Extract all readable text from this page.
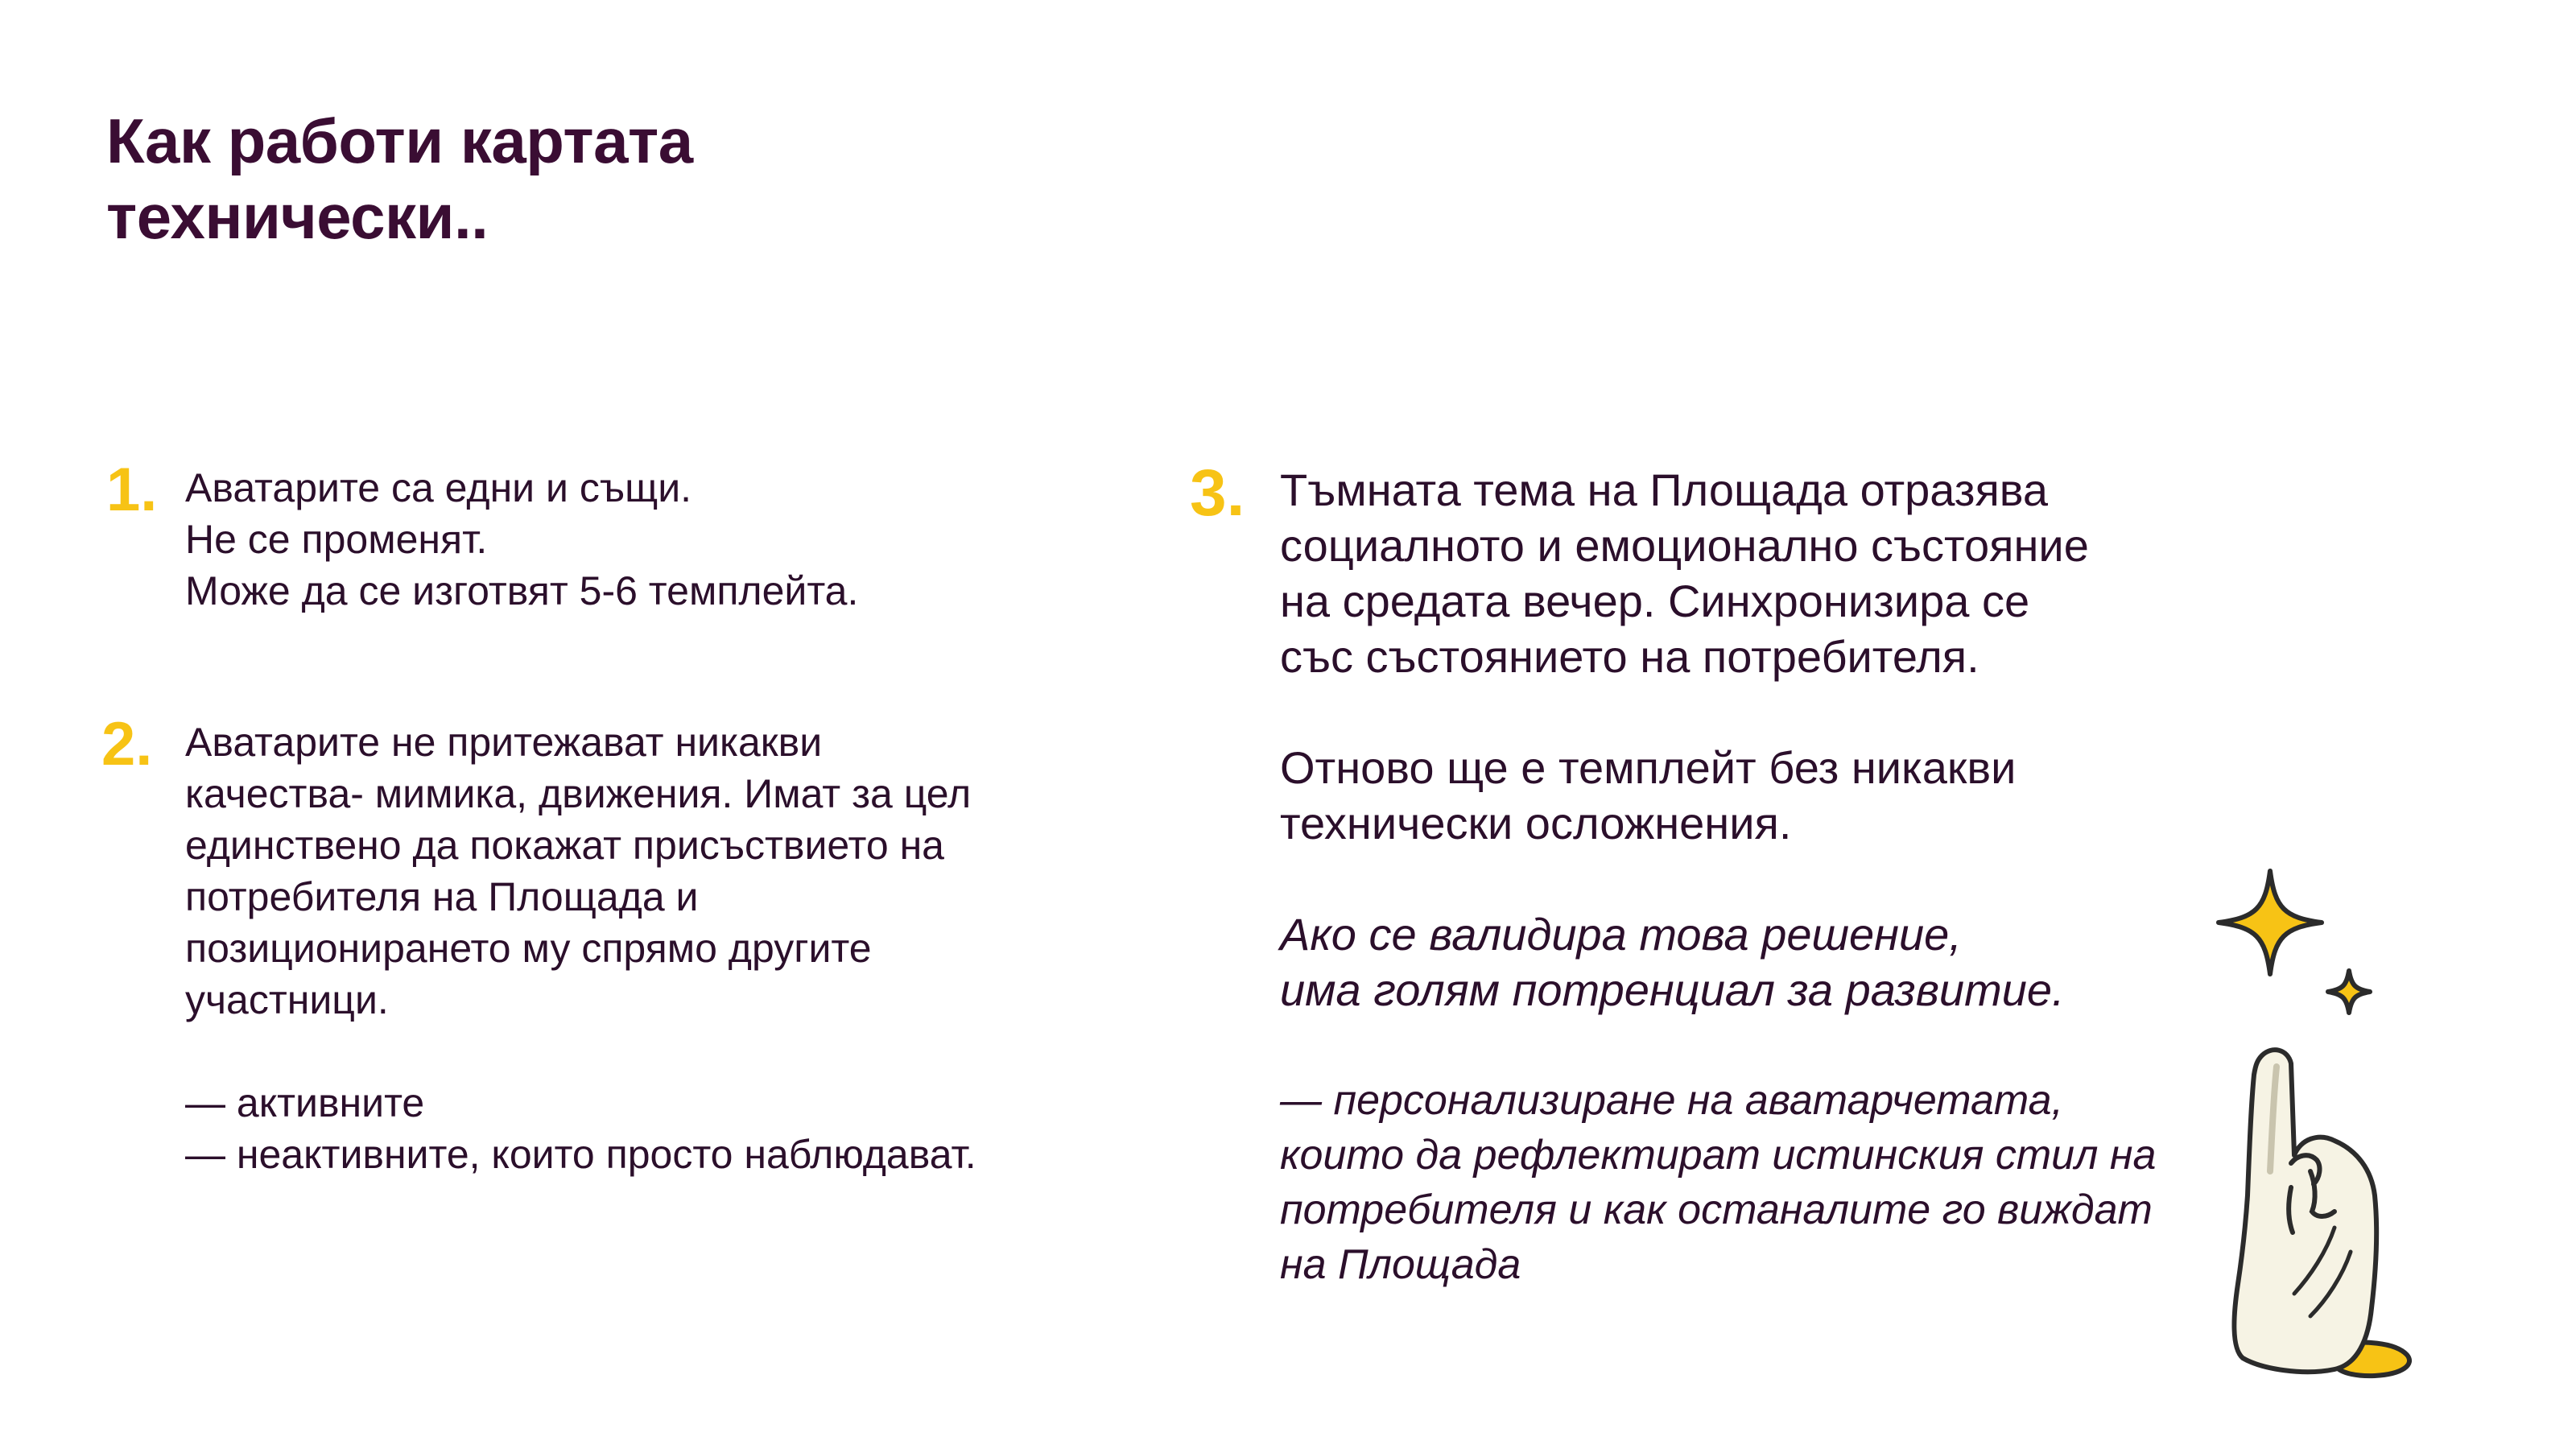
Как работи картата
технически..
1. Аватарите са едни и същи.
Не се променят.
Може да се изготвят 5-6 темплейта.
2. Аватарите не притежават никакви
качества- мимика, движения. Имат за цел
единствено да покажат присъствието на
потребителя на Площада и
позиционирането му спрямо другите
участници.
— активните
— неактивните, които просто наблюдават.
3. Тъмната тема на Площада отразява
социалното и емоционално състояние
на средата вечер. Синхронизира се
със състоянието на потребителя.
Отново ще е темплейт без никакви
технически осложнения.
Ако се валидира това решение,
има голям потренциал за развитие.
— персонализиране на аватарчетата,
които да рефлектират истинския стил на
потребителя и как останалите го виждат
на Площада
